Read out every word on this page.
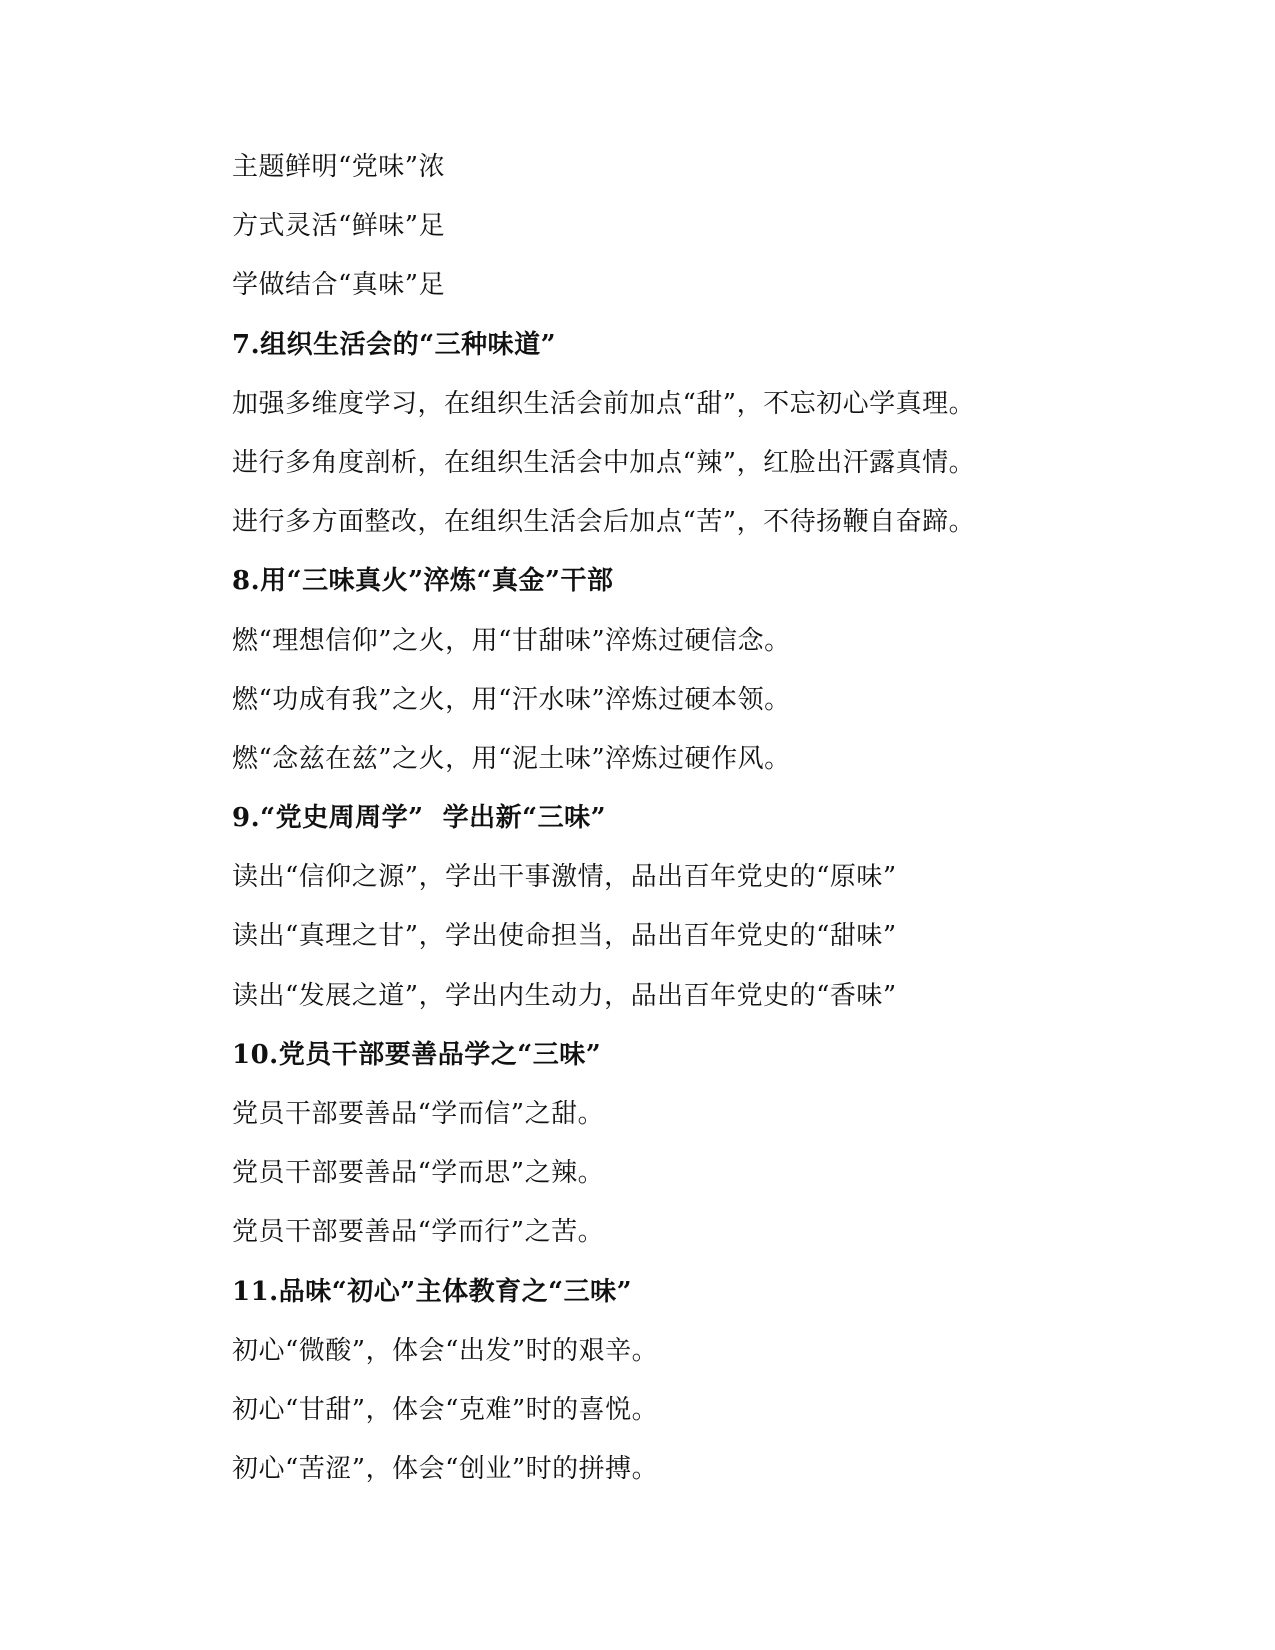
主题鲜明“党味”浓
方式灵活“鲜味”足
学做结合“真味”足
7.组织生活会的“三种味道”
加强多维度学习，在组织生活会前加点“甜”，不忘初心学真理。
进行多角度剖析，在组织生活会中加点“辣”，红脸出汗露真情。
进行多方面整改，在组织生活会后加点“苦”，不待扬鞭自奋蹄。
8.用“三味真火”淬炼“真金”干部
燃“理想信仰”之火，用“甘甜味”淬炼过硬信念。
燃“功成有我”之火，用“汗水味”淬炼过硬本领。
燃“念兹在兹”之火，用“泥土味”淬炼过硬作风。
9.“党史周周学”  学出新“三味”
读出“信仰之源”，学出干事激情，品出百年党史的“原味”
读出“真理之甘”，学出使命担当，品出百年党史的“甜味”
读出“发展之道”，学出内生动力，品出百年党史的“香味”
10.党员干部要善品学之“三味”
党员干部要善品“学而信”之甜。
党员干部要善品“学而思”之辣。
党员干部要善品“学而行”之苦。
11.品味“初心”主体教育之“三味”
初心“微酸”，体会“出发”时的艰辛。
初心“甘甜”，体会“克难”时的喜悦。
初心“苦涩”，体会“创业”时的拼搏。
